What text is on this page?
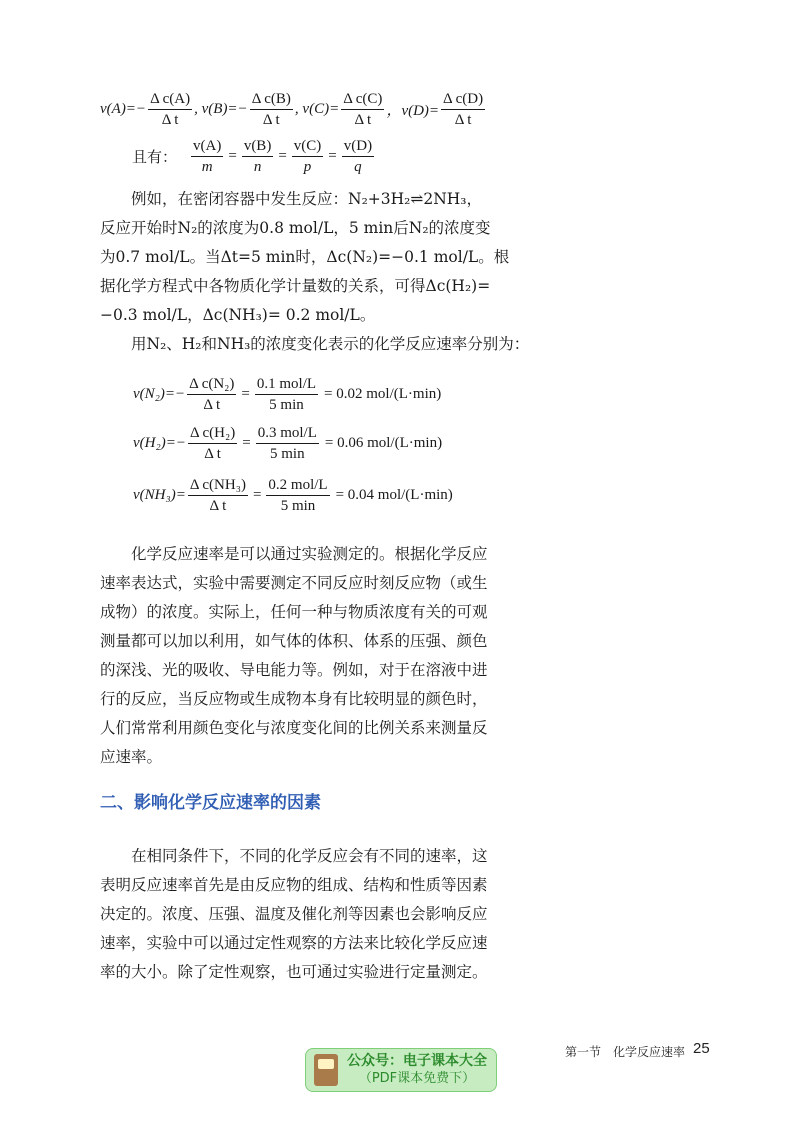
$v(A)=- \frac{\text{Δ c(A)}}{\text{Δ t}}$ , $v(B)=- \frac{\text{Δ c(B)}}{\text{Δ t}}$ , $v(C)= \frac{\text{Δ c(C)}}{\text{Δ t}}$ ，$v(D)= \frac{\text{Δ c(D)}}{\text{Δ t}}$
且有： $\frac{v(A)}{m} = \frac{v(B)}{n} = \frac{v(C)}{p} = \frac{v(D)}{q}$
例如，在密闭容器中发生反应：N₂+3H₂⇌2NH₃，
反应开始时N₂的浓度为0.8 mol/L，5 min后N₂的浓度变
为0.7 mol/L。当Δt=5 min时，Δc(N₂)=−0.1 mol/L。根
据化学方程式中各物质化学计量数的关系，可得Δc(H₂)=
−0.3 mol/L，Δc(NH₃)= 0.2 mol/L。
用N₂、H₂和NH₃的浓度变化表示的化学反应速率分别为：
$v(N_2)=- \frac{\text{Δ c(N₂)}}{\text{Δ t}} = \frac{\text{0.1 mol/L}}{5 \min} = 0.02$ mol/(L·min)
$v(H_2)=- \frac{\text{Δ c(H₂)}}{\text{Δ t}} = \frac{\text{0.3 mol/L}}{5 \min} = 0.06$ mol/(L·min)
$v(NH_3)= \frac{\text{Δ c(NH₃)}}{\text{Δ t}} = \frac{\text{0.2 mol/L}}{5 \min} = 0.04$ mol/(L·min)
化学反应速率是可以通过实验测定的。根据化学反应
速率表达式，实验中需要测定不同反应时刻反应物（或生
成物）的浓度。实际上，任何一种与物质浓度有关的可观
测量都可以加以利用，如气体的体积、体系的压强、颜色
的深浅、光的吸收、导电能力等。例如，对于在溶液中进
行的反应，当反应物或生成物本身有比较明显的颜色时，
人们常常利用颜色变化与浓度变化间的比例关系来测量反
应速率。
二、影响化学反应速率的因素
在相同条件下，不同的化学反应会有不同的速率，这
表明反应速率首先是由反应物的组成、结构和性质等因素
决定的。浓度、压强、温度及催化剂等因素也会影响反应
速率，实验中可以通过定性观察的方法来比较化学反应速
率的大小。除了定性观察，也可通过实验进行定量测定。
第一节　化学反应速率 25
公众号：电子课本大全
（PDF课本免费下）
